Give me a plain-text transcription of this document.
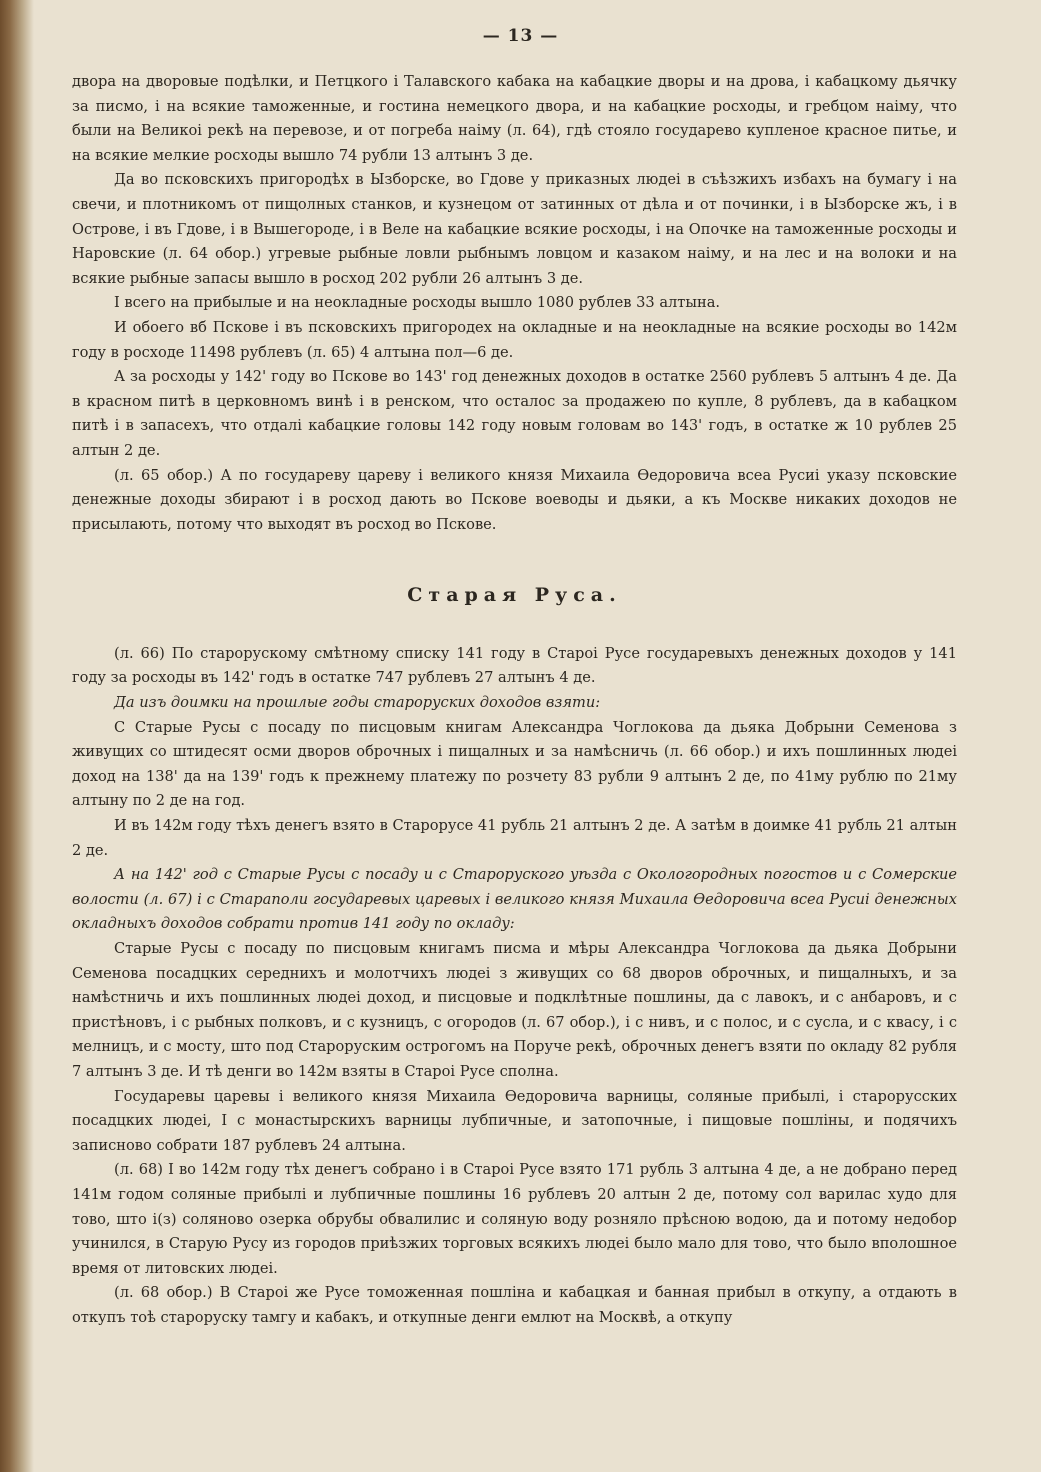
— 13 —

двора на дворовые подѣлки, и Петцкого і Талавского кабака на кабацкие дворы и на дрова, і кабацкому дьячку за писмо, і на всякие таможенные, и гостина немецкого двора, и на кабацкие росходы, и гребцом наіму, что были на Великоі рекѣ на перевозе, и от погреба наіму (л. 64), гдѣ стояло государево купленое красное питье, и на всякие мелкие росходы вышло 74 рубли 13 алтынъ 3 де.

Да во псковскихъ пригородѣх в Ызборске, во Гдове у приказных людеі в съѣзжихъ избахъ на бумагу і на свечи, и плотникомъ от пищолных станков, и кузнецом от затинных от дѣла и от починки, і в Ызборске жъ, і в Острове, і въ Гдове, і в Вышегороде, і в Веле на кабацкие всякие росходы, і на Опочке на таможенные росходы и Наровские (л. 64 обор.) угревые рыбные ловли рыбнымъ ловцом и казаком наіму, и на лес и на волоки и на всякие рыбные запасы вышло в росход 202 рубли 26 алтынъ 3 де.

І всего на прибылые и на неокладные росходы вышло 1080 рублев 33 алтына.

И обоего вб Пскове і въ псковскихъ пригородех на окладные и на неокладные на всякие росходы во 142м году в росходе 11498 рублевъ (л. 65) 4 алтына пол—6 де.

А за росходы у 142' году во Пскове во 143' год денежных доходов в остатке 2560 рублевъ 5 алтынъ 4 де. Да в красном питѣ в церковномъ винѣ і в ренском, что осталос за продажею по купле, 8 рублевъ, да в кабацком питѣ і в запасехъ, что отдалі кабацкие головы 142 году новым головам во 143' годъ, в остатке ж 10 рублев 25 алтын 2 де.

(л. 65 обор.) А по государеву цареву і великого князя Михаила Ѳедоровича всеа Русиі указу псковские денежные доходы збирают і в росход дають во Пскове воеводы и дьяки, а къ Москве никаких доходов не присылають, потому что выходят въ росход во Пскове.

Старая Руса.

(л. 66) По старорускому смѣтному списку 141 году в Староі Русе государевыхъ денежных доходов у 141 году за росходы въ 142' годъ в остатке 747 рублевъ 27 алтынъ 4 де.

Да изъ доимки на прошлые годы староруских доходов взяти:

С Старые Русы с посаду по писцовым книгам Александра Чоглокова да дьяка Добрыни Семенова з живущих со штидесят осми дворов оброчных і пищалных и за намѣсничь (л. 66 обор.) и ихъ пошлинных людеі доход на 138' да на 139' годъ к прежнему платежу по розчету 83 рубли 9 алтынъ 2 де, по 41му рублю по 21му алтыну по 2 де на год.

И въ 142м году тѣхъ денегъ взято в Старорусе 41 рубль 21 алтынъ 2 де. А затѣм в доимке 41 рубль 21 алтын 2 де.

А на 142' год с Старые Русы с посаду и с Староруского уѣзда с Окологородных погостов и с Сомерские волости (л. 67) і с Стараполи государевых царевых і великого князя Михаила Ѳедоровича всеа Русиі денежных окладныхъ доходов собрати против 141 году по окладу:

Старые Русы с посаду по писцовым книгамъ писма и мѣры Александра Чоглокова да дьяка Добрыни Семенова посадцких середнихъ и молотчихъ людеі з живущих со 68 дворов оброчных, и пищалныхъ, и за намѣстничь и ихъ пошлинных людеі доход, и писцовые и подклѣтные пошлины, да с лавокъ, и с анбаровъ, и с пристѣновъ, і с рыбных полковъ, и с кузницъ, с огородов (л. 67 обор.), і с нивъ, и с полос, и с сусла, и с квасу, і с мелницъ, и с мосту, што под Староруским острогомъ на Поруче рекѣ, оброчных денегъ взяти по окладу 82 рубля 7 алтынъ 3 де. И тѣ денги во 142м взяты в Староі Русе сполна.

Государевы царевы і великого князя Михаила Ѳедоровича варницы, соляные прибылі, і старорусских посадцких людеі, І с монастырскихъ варницы лубпичные, и затопочные, і пищовые пошлiны, и подячихъ записново собрати 187 рублевъ 24 алтына.

(л. 68) І во 142м году тѣх денегъ собрано і в Староі Русе взято 171 рубль 3 алтына 4 де, а не добрано перед 141м годом соляные прибылі и лубпичные пошлины 16 рублевъ 20 алтын 2 де, потому сол варилас худо для тово, што і(з) соляново озерка обрубы обвалилис и соляную воду розняло прѣсною водою, да и потому недобор учинился, в Старую Русу из городов приѣзжих торговых всякихъ людеі было мало для тово, что было вполошное время от литовских людеі.

(л. 68 обор.) В Староі же Русе томоженная пошлiна и кабацкая и банная прибыл в откупу, а отдають в откупъ тоѣ староруску тамгу и кабакъ, и откупные денги емлют на Москвѣ, а откупу
